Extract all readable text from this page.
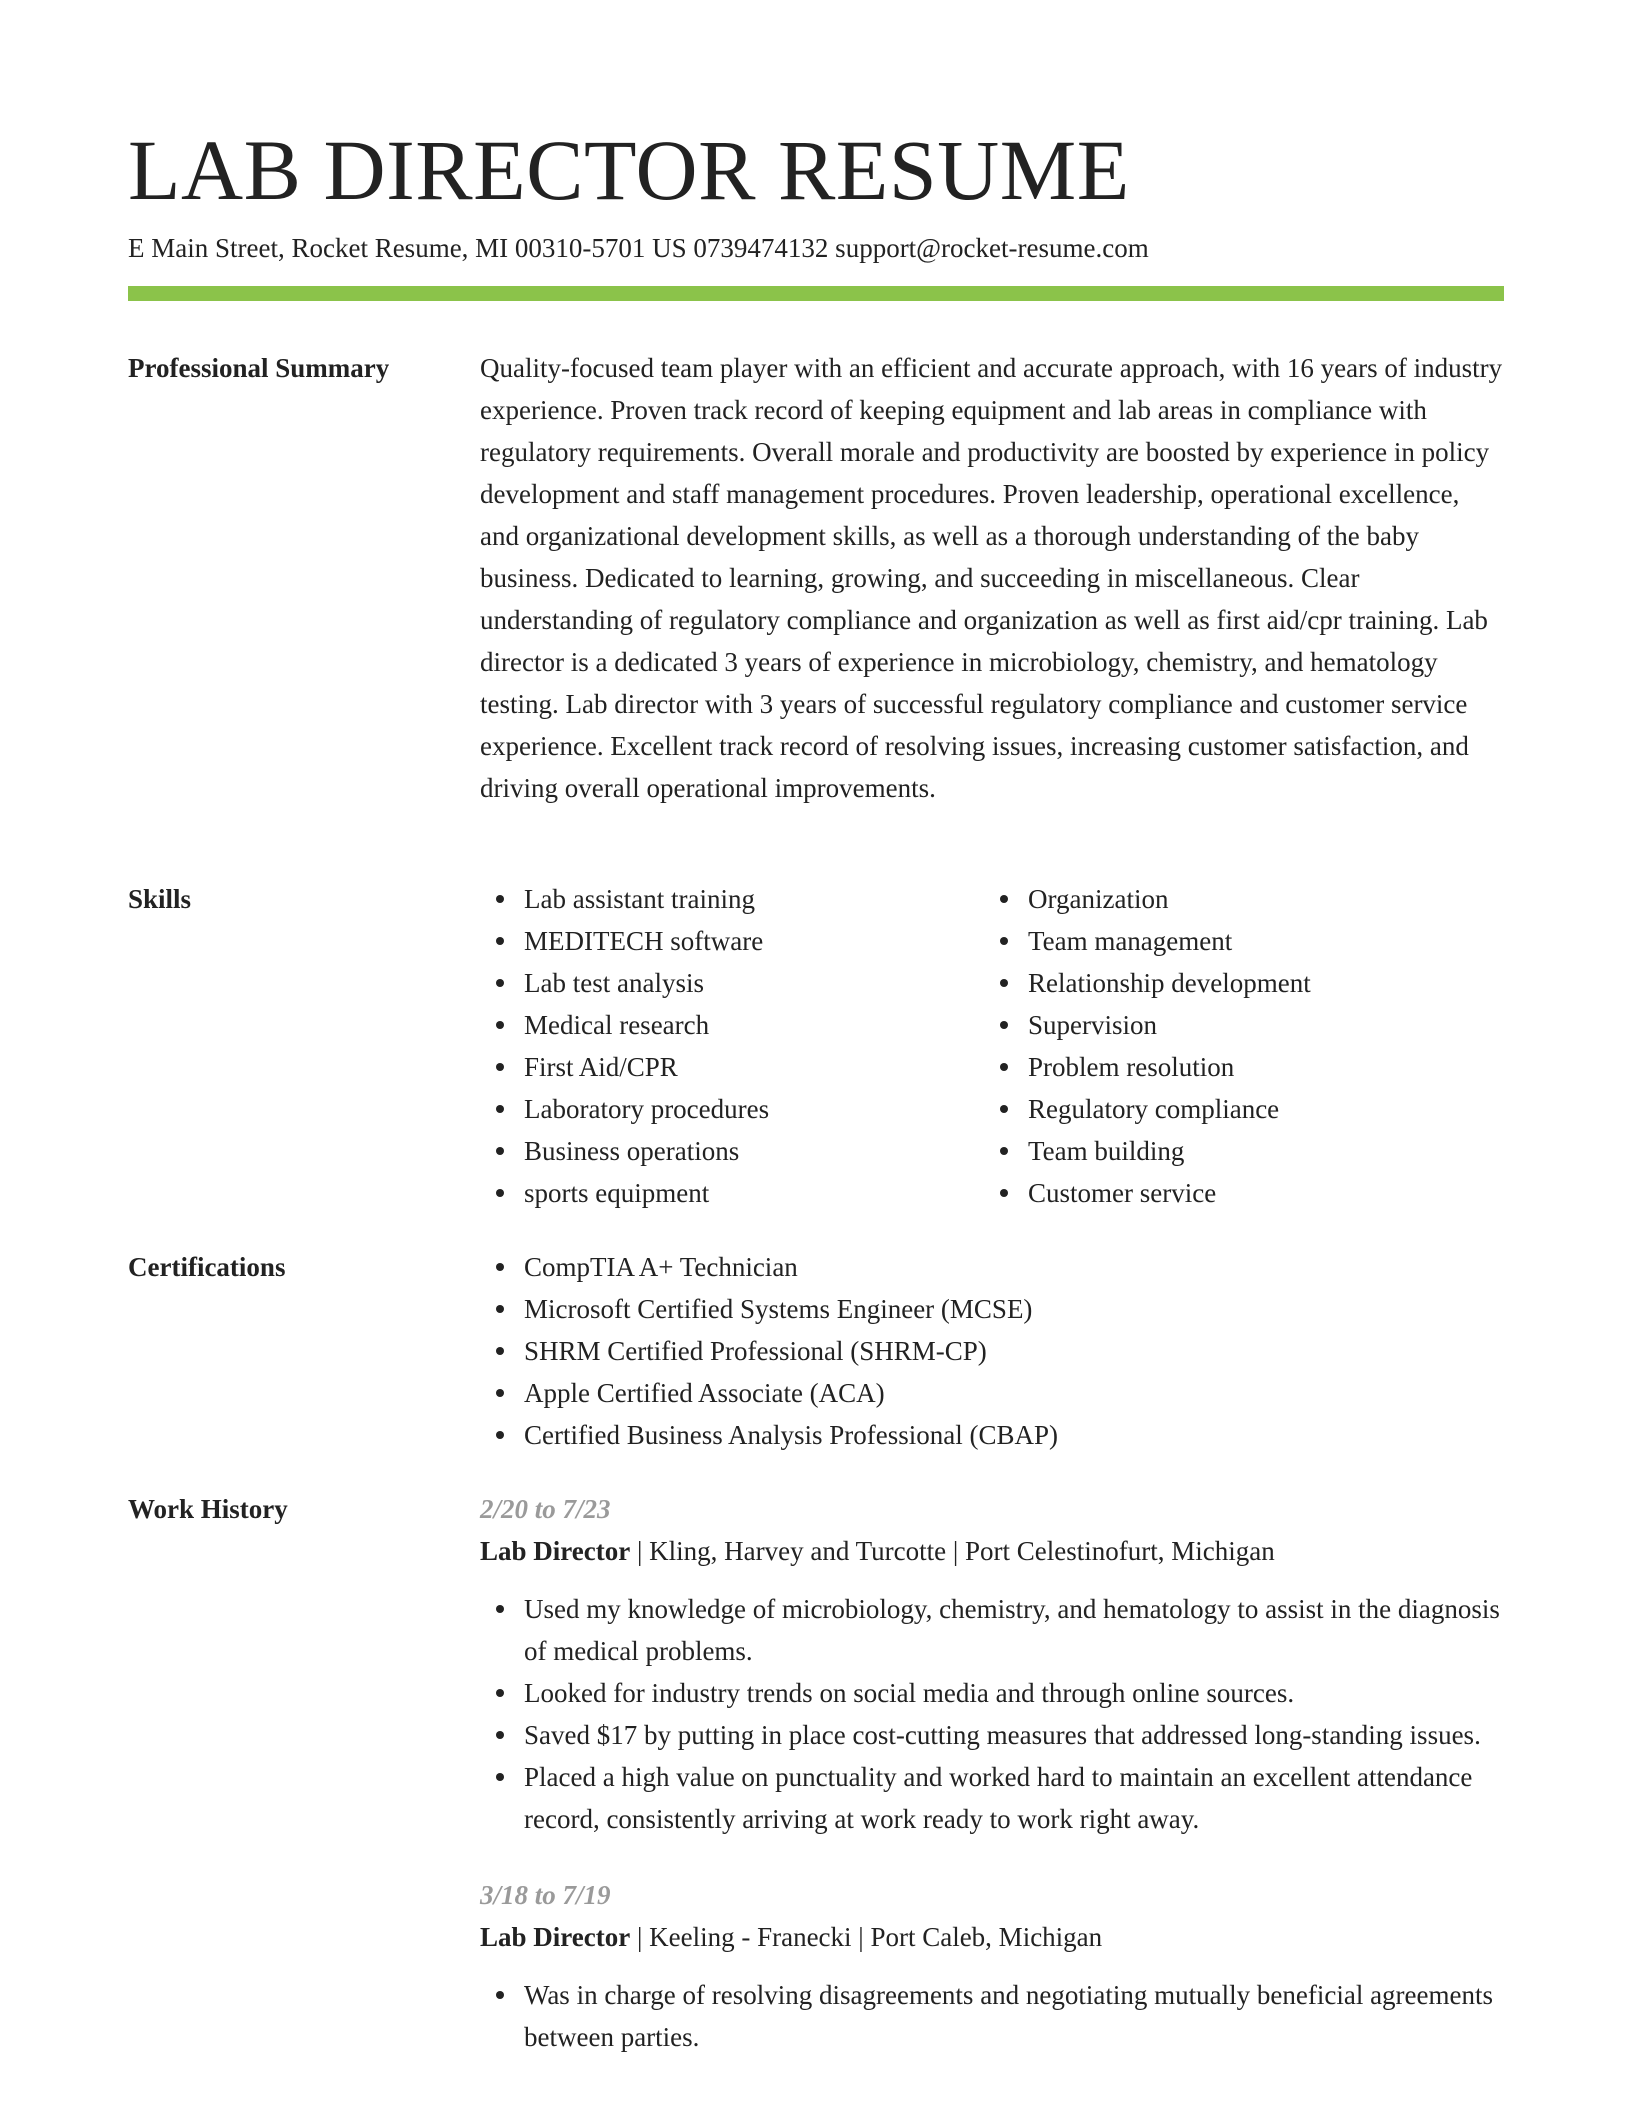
LAB DIRECTOR RESUME
E Main Street, Rocket Resume, MI 00310-5701 US 0739474132 support@rocket-resume.com
Professional Summary	Quality-focused team player with an efficient and accurate approach, with 16 years of industry experience. Proven track record of keeping equipment and lab areas in compliance with regulatory requirements. Overall morale and productivity are boosted by experience in policy development and staff management procedures. Proven leadership, operational excellence, and organizational development skills, as well as a thorough understanding of the baby business. Dedicated to learning, growing, and succeeding in miscellaneous. Clear understanding of regulatory compliance and organization as well as first aid/cpr training. Lab director is a dedicated 3 years of experience in microbiology, chemistry, and hematology testing. Lab director with 3 years of successful regulatory compliance and customer service experience. Excellent track record of resolving issues, increasing customer satisfaction, and driving overall operational improvements.

Skills	Lab assistant training
MEDITECH software
Lab test analysis
Medical research
First Aid/CPR
Laboratory procedures
Business operations
sports equipment
Organization
Team management
Relationship development
Supervision
Problem resolution
Regulatory compliance
Team building
Customer service
Certifications	CompTIA A+ Technician
Microsoft Certified Systems Engineer (MCSE)
SHRM Certified Professional (SHRM-CP)
Apple Certified Associate (ACA)
Certified Business Analysis Professional (CBAP)
Work History	2/20 to 7/23
Lab Director | Kling, Harvey and Turcotte | Port Celestinofurt, Michigan
Used my knowledge of microbiology, chemistry, and hematology to assist in the diagnosis of medical problems.
Looked for industry trends on social media and through online sources.
Saved $17 by putting in place cost-cutting measures that addressed long-standing issues.
Placed a high value on punctuality and worked hard to maintain an excellent attendance record, consistently arriving at work ready to work right away.
3/18 to 7/19
Lab Director | Keeling - Franecki | Port Caleb, Michigan
Was in charge of resolving disagreements and negotiating mutually beneficial agreements between parties.
